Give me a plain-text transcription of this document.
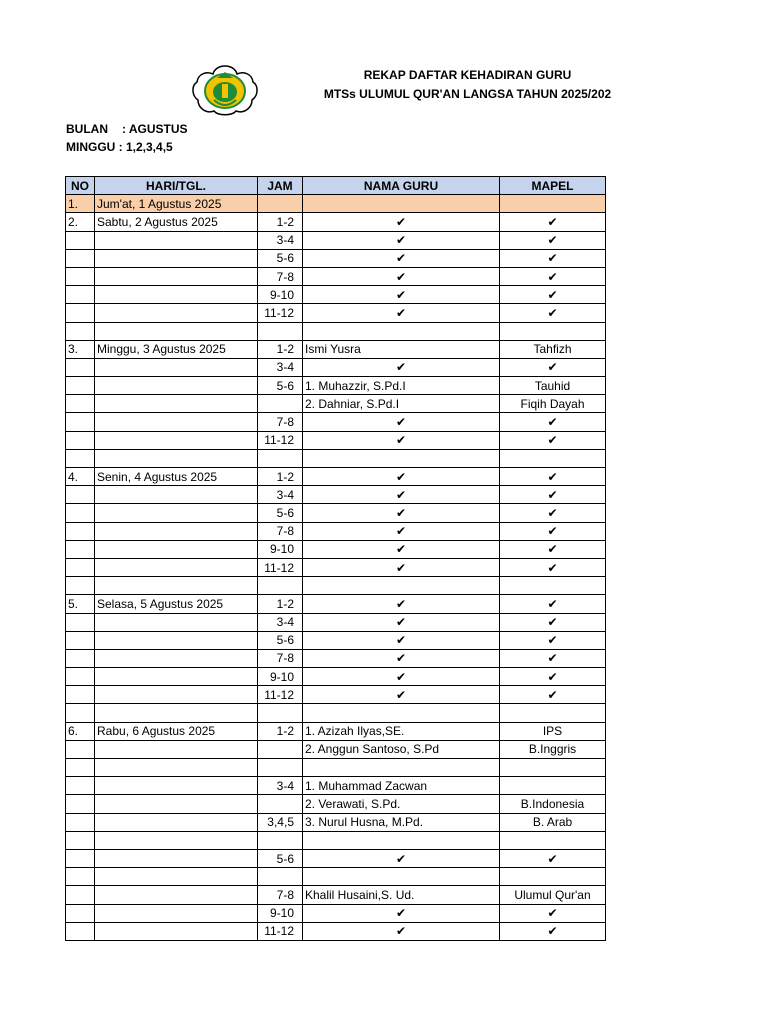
REKAP DAFTAR KEHADIRAN GURU
MTSs ULUMUL QUR'AN LANGSA TAHUN 2025/202
BULAN : AGUSTUS
MINGGU : 1,2,3,4,5
NO	HARI/TGL.	JAM	NAMA GURU	MAPEL
1.	Jum'at, 1 Agustus 2025			
2.	Sabtu, 2 Agustus 2025	1-2	✔	✔
		3-4	✔	✔
		5-6	✔	✔
		7-8	✔	✔
		9-10	✔	✔
		11-12	✔	✔

3.	Minggu, 3 Agustus 2025	1-2	Ismi Yusra	Tahfizh
		3-4	✔	✔
		5-6	1. Muhazzir, S.Pd.I	Tauhid
			2. Dahniar, S.Pd.I	Fiqih Dayah
		7-8	✔	✔
		11-12	✔	✔

4.	Senin, 4 Agustus 2025	1-2	✔	✔
		3-4	✔	✔
		5-6	✔	✔
		7-8	✔	✔
		9-10	✔	✔
		11-12	✔	✔

5.	Selasa, 5 Agustus 2025	1-2	✔	✔
		3-4	✔	✔
		5-6	✔	✔
		7-8	✔	✔
		9-10	✔	✔
		11-12	✔	✔

6.	Rabu, 6 Agustus 2025	1-2	1. Azizah Ilyas,SE.	IPS
			2. Anggun Santoso, S.Pd	B.Inggris

		3-4	1. Muhammad Zacwan	
			2. Verawati, S.Pd.	B.Indonesia
		3,4,5	3. Nurul Husna, M.Pd.	B. Arab

		5-6	✔	✔

		7-8	Khalil Husaini,S. Ud.	Ulumul Qur'an
		9-10	✔	✔
		11-12	✔	✔
